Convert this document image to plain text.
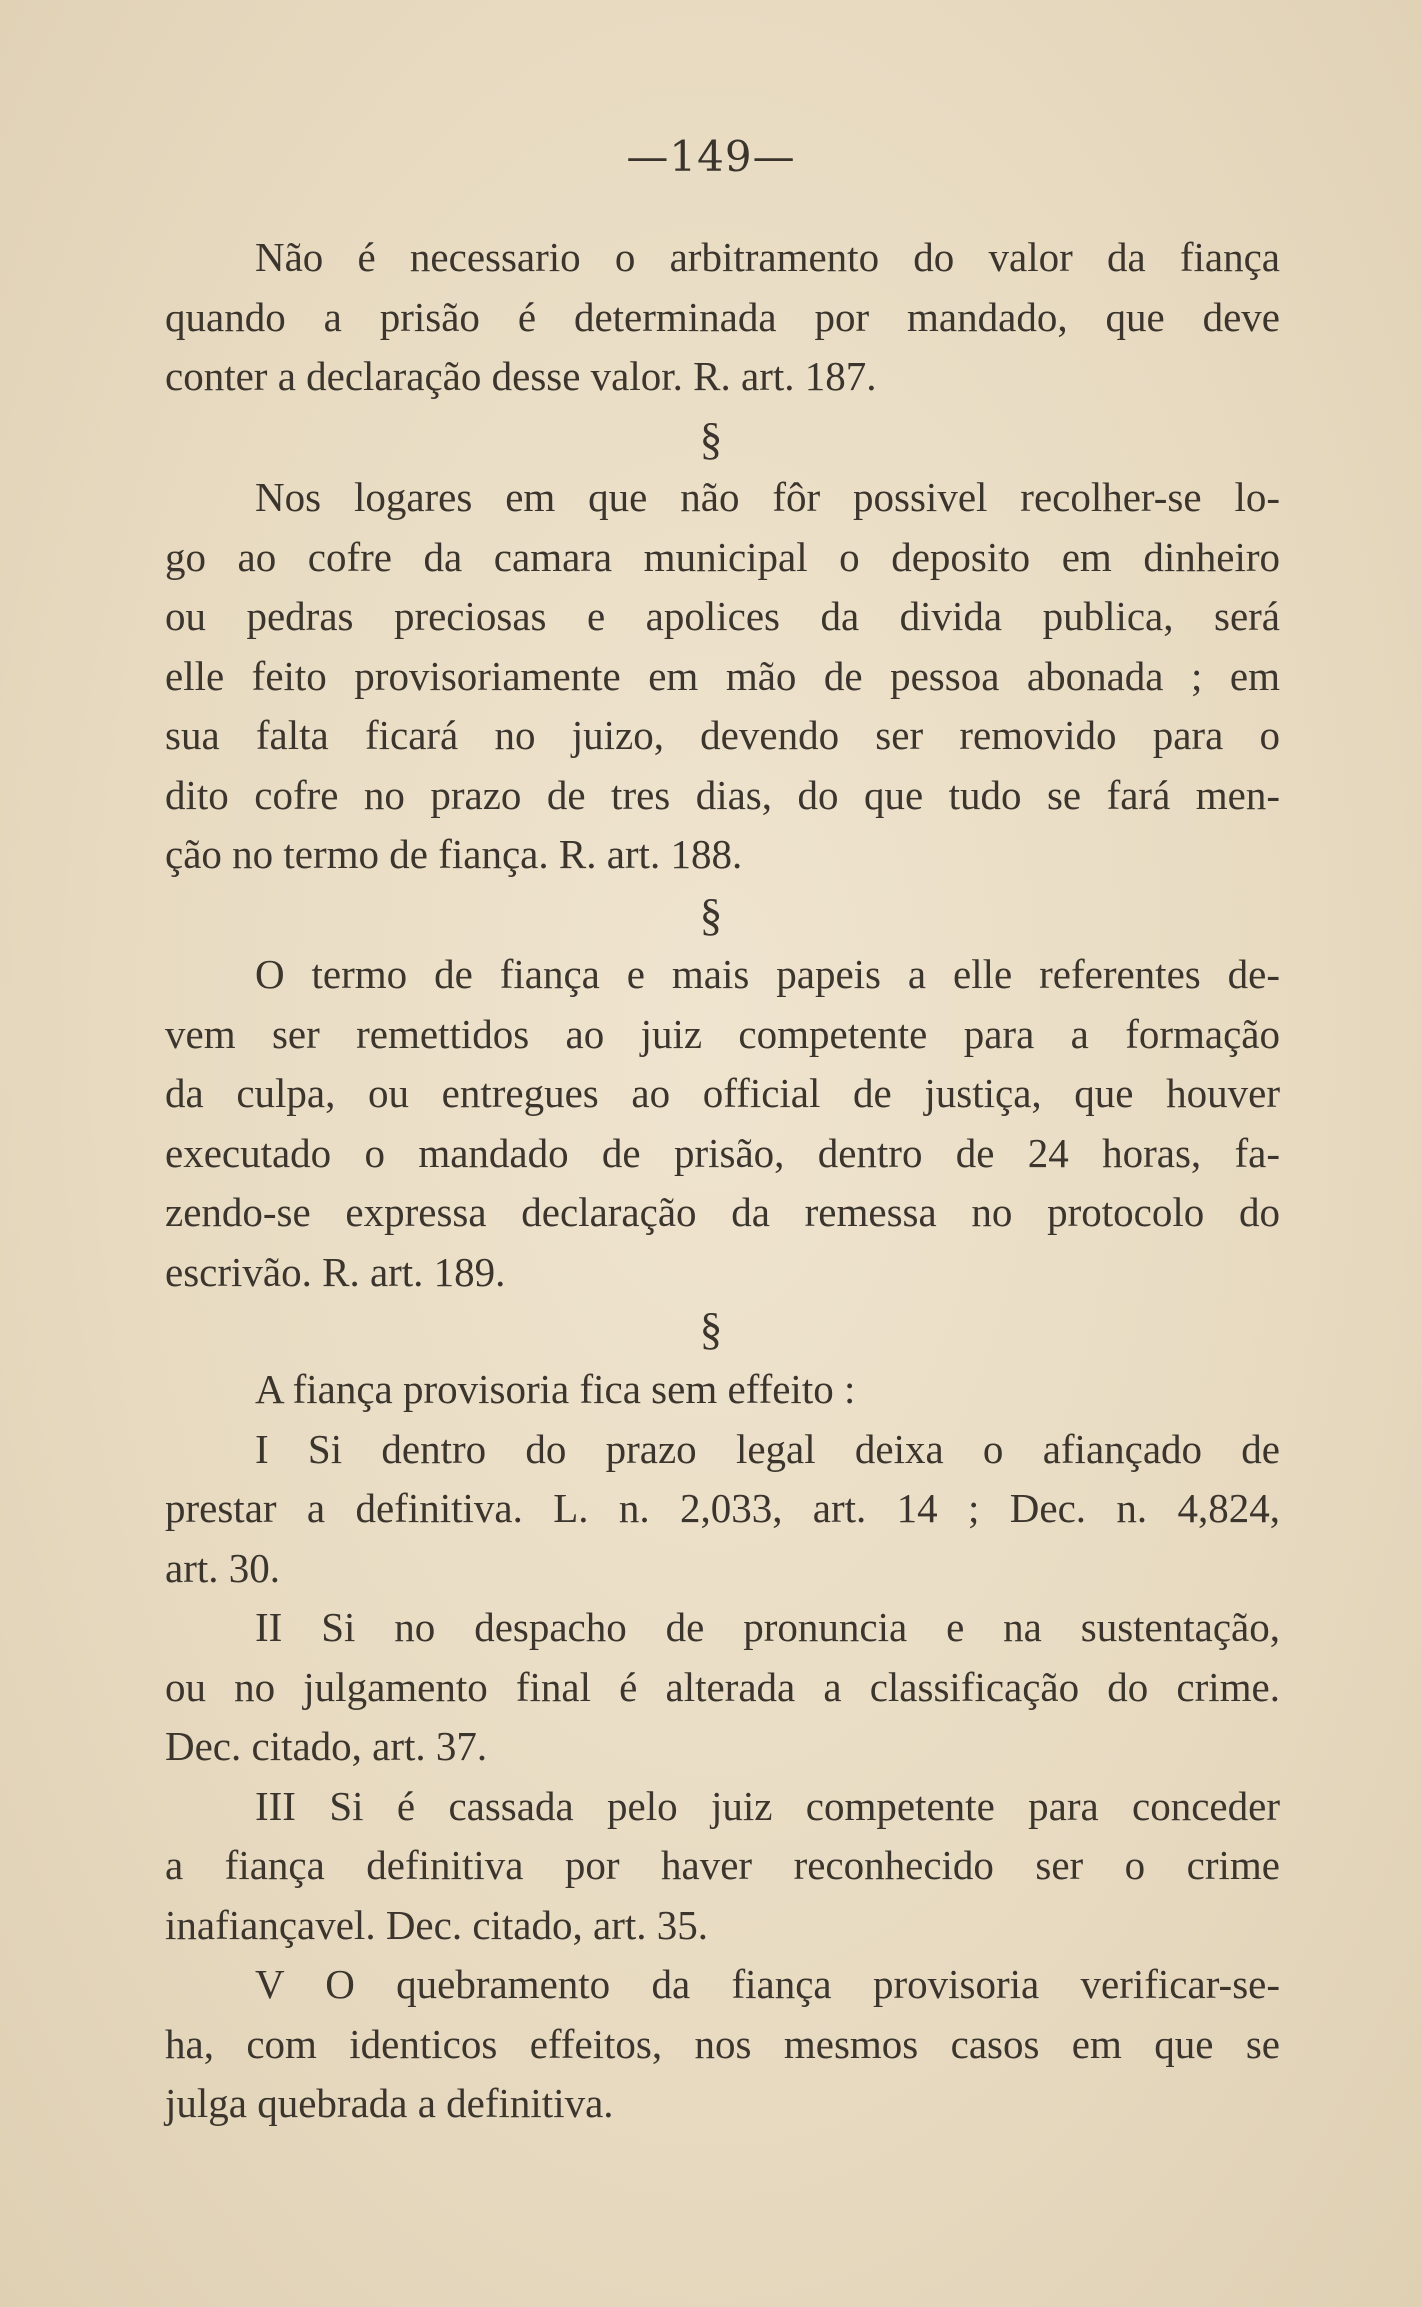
—149—
Não é necessario o arbitramento do valor da fiança
quando a prisão é determinada por mandado, que deve
conter a declaração desse valor. R. art. 187.
§
Nos logares em que não fôr possivel recolher-se lo-
go ao cofre da camara municipal o deposito em dinheiro
ou pedras preciosas e apolices da divida publica, será
elle feito provisoriamente em mão de pessoa abonada ; em
sua falta ficará no juizo, devendo ser removido para o
dito cofre no prazo de tres dias, do que tudo se fará men-
ção no termo de fiança. R. art. 188.
§
O termo de fiança e mais papeis a elle referentes de-
vem ser remettidos ao juiz competente para a formação
da culpa, ou entregues ao official de justiça, que houver
executado o mandado de prisão, dentro de 24 horas, fa-
zendo-se expressa declaração da remessa no protocolo do
escrivão. R. art. 189.
§
A fiança provisoria fica sem effeito :
I Si dentro do prazo legal deixa o afiançado de
prestar a definitiva. L. n. 2,033, art. 14 ; Dec. n. 4,824,
art. 30.
II Si no despacho de pronuncia e na sustentação,
ou no julgamento final é alterada a classificação do crime.
Dec. citado, art. 37.
III Si é cassada pelo juiz competente para conceder
a fiança definitiva por haver reconhecido ser o crime
inafiançavel. Dec. citado, art. 35.
V O quebramento da fiança provisoria verificar-se-
ha, com identicos effeitos, nos mesmos casos em que se
julga quebrada a definitiva.
